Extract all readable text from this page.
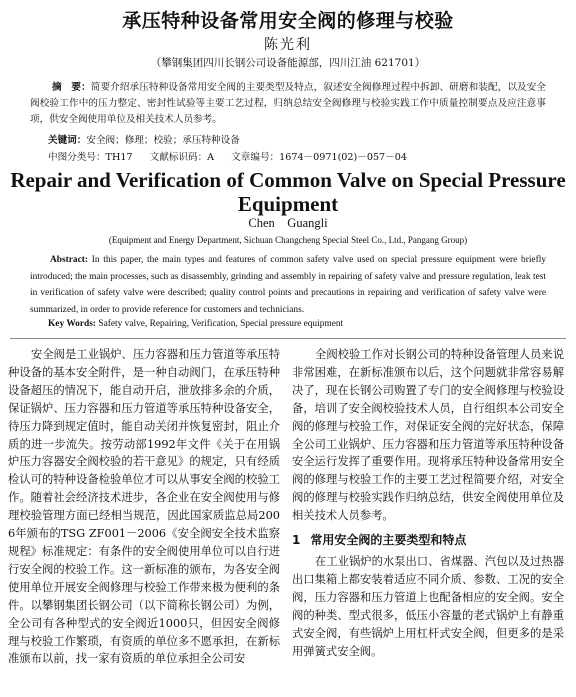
承压特种设备常用安全阀的修理与校验
陈光利
（攀钢集团四川长钢公司设备能源部，四川江油 621701）
摘　要：简要介绍承压特种设备常用安全阀的主要类型及特点，叙述安全阀修理过程中拆卸、研磨和装配，以及安全阀校验工作中的压力整定、密封性试验等主要工艺过程，归纳总结安全阀修理与校验实践工作中质量控制要点及应注意事项，供安全阀使用单位及相关技术人员参考。
关键词：安全阀；修理；校验；承压特种设备
中图分类号：TH17 文献标识码：A 文章编号：1674－0971(02)－057－04
Repair and Verification of Common Valve on Special Pressure Equipment
Chen　Guangli
(Equipment and Energy Department, Sichuan Changcheng Special Steel Co., Ltd., Pangang Group)
Abstract: In this paper, the main types and features of common safety valve used on special pressure equipment were briefly introduced; the main processes, such as disassembly, grinding and assembly in repairing of safety valve and pressure regulation, leak test in verification of safety valve were described; quality control points and precautions in repairing and verification of safety valve were summarized, in order to provide reference for customers and technicians.
Key Words: Safety valve, Repairing, Verification, Special pressure equipment

安全阀是工业锅炉、压力容器和压力管道等承压特种设备的基本安全附件，是一种自动阀门，在承压特种设备超压的情况下，能自动开启，泄放排多余的介质，保证锅炉、压力容器和压力管道等承压特种设备安全，待压力降到规定值时，能自动关闭并恢复密封，阻止介质的进一步流失。按劳动部1992年文件《关于在用锅炉压力容器安全阀校验的若干意见》的规定，只有经质检认可的特种设备检验单位才可以从事安全阀的校验工作。随着社会经济技术进步，各企业在安全阀使用与修理校验管理方面已经相当规范，因此国家质监总局2006年颁布的TSG ZF001－2006《安全阀安全技术监察规程》标准规定：有条件的安全阀使用单位可以自行进行安全阀的校验工作。这一新标准的颁布，为各安全阀使用单位开展安全阀修理与校验工作带来极为便利的条件。以攀钢集团长钢公司（以下简称长钢公司）为例，全公司有各种型式的安全阀近1000只，但因安全阀修理与校验工作繁琐，有资质的单位多不愿承担，在新标准颁布以前，找一家有资质的单位承担全公司安

全阀校验工作对长钢公司的特种设备管理人员来说非常困难，在新标准颁布以后，这个问题就非常容易解决了，现在长钢公司购置了专门的安全阀修理与校验设备，培训了安全阀校验技术人员，自行组织本公司安全阀的修理与校验工作，对保证安全阀的完好状态，保障全公司工业锅炉、压力容器和压力管道等承压特种设备安全运行发挥了重要作用。现将承压特种设备常用安全阀的修理与校验工作的主要工艺过程简要介绍，对安全阀的修理与校验实践作归纳总结，供安全阀使用单位及相关技术人员参考。

1 常用安全阀的主要类型和特点

在工业锅炉的水泵出口、省煤器、汽包以及过热器出口集箱上都安装着适应不同介质、参数、工况的安全阀，压力容器和压力管道上也配备相应的安全阀。安全阀的种类、型式很多，低压小容量的老式锅炉上有静重式安全阀，有些锅炉上用杠杆式安全阀，但更多的是采用弹簧式安全阀。
